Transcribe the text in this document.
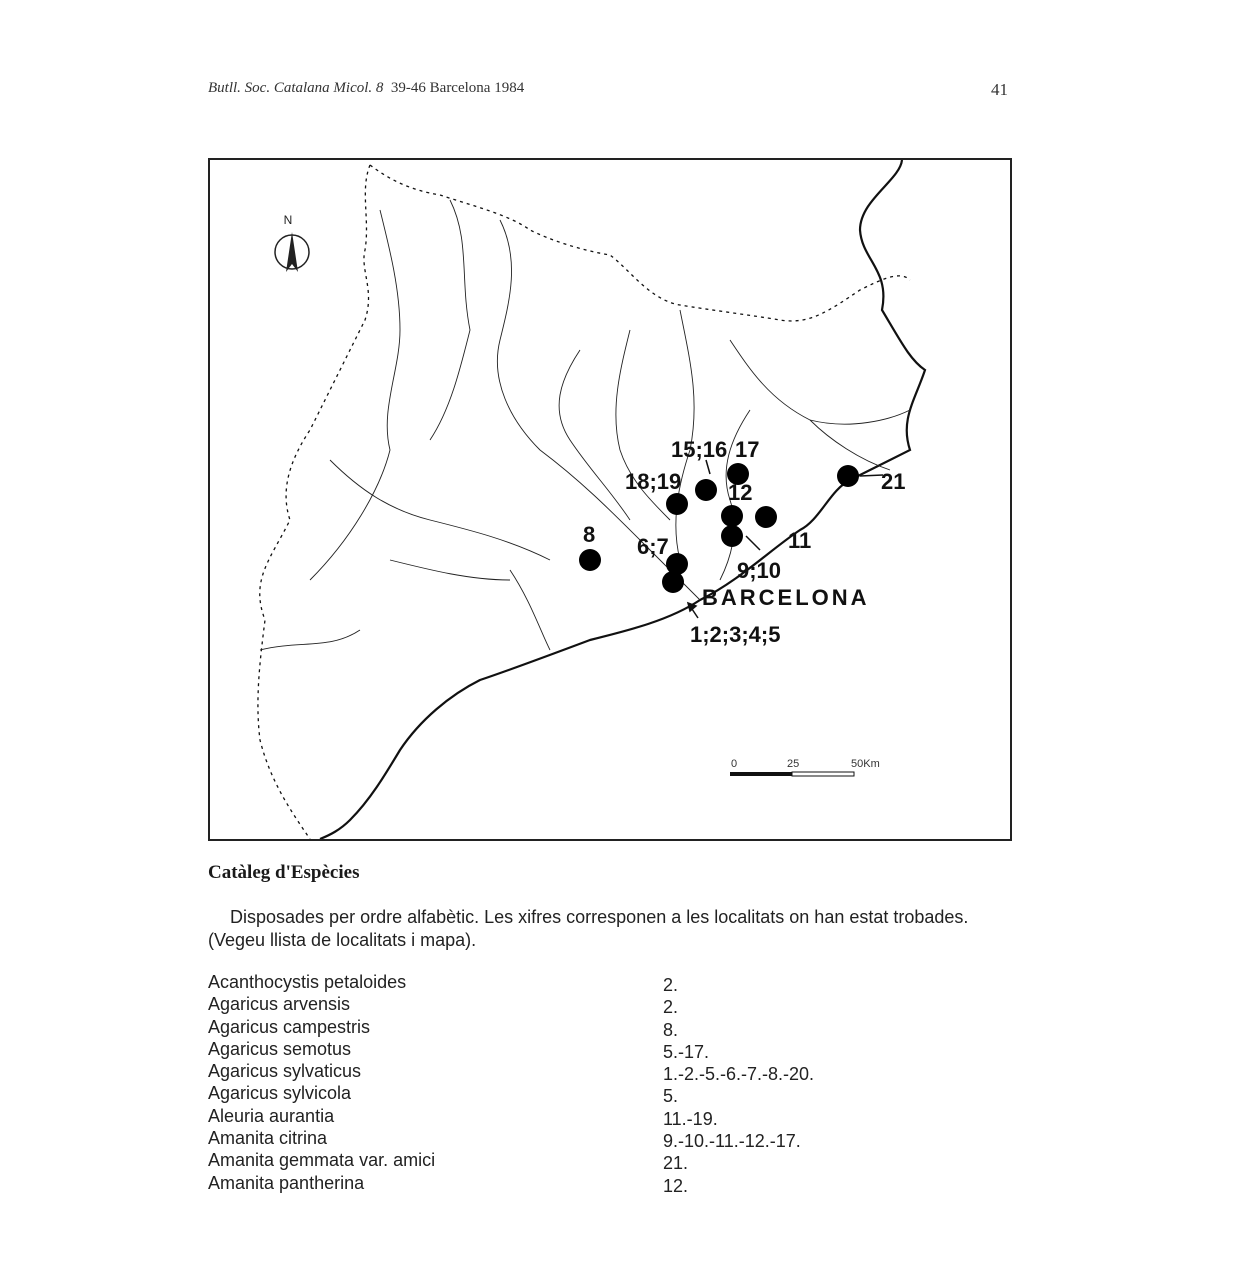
Butll. Soc. Catalana Micol. 8 39-46 Barcelona 1984	41
N
15;16 17
18;19 12	21
8 6;7	11
9;10
BARCELONA
1;2;3;4;5
0	25	50Km
Catàleg d'Espècies
Disposades per ordre alfabètic. Les xifres corresponen a les localitats on han estat trobades. (Vegeu llista de localitats i mapa).
Acanthocystis petaloides	2.
Agaricus arvensis	2.
Agaricus campestris	8.
Agaricus semotus	5.-17.
Agaricus sylvaticus	1.-2.-5.-6.-7.-8.-20.
Agaricus sylvicola	5.
Aleuria aurantia	11.-19.
Amanita citrina	9.-10.-11.-12.-17.
Amanita gemmata var. amici	21.
Amanita pantherina	12.
